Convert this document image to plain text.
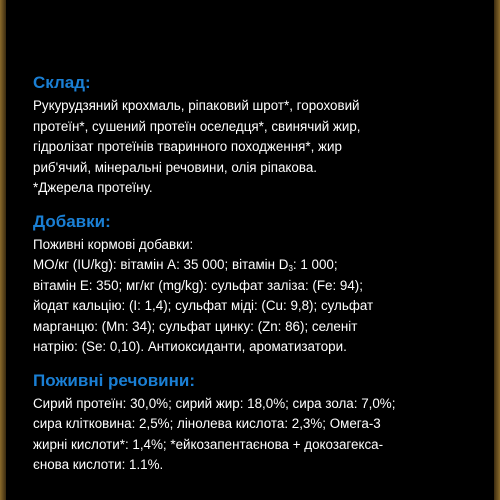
Склад:
Рукурудзяний крохмаль, ріпаковий шрот*, гороховий
протеїн*, сушений протеїн оселедця*, свинячий жир,
гідролізат протеїнів тваринного походження*, жир
риб'ячий, мінеральні речовини, олія ріпакова.
*Джерела протеїну.
Добавки:
Поживні кормові добавки:
МО/кг (IU/kg): вітамін А: 35 000; вітамін $D_3$: 1 000;
вітамін Е: 350; мг/кг (mg/kg): сульфат заліза: (Fe: 94);
йодат кальцію: (I: 1,4); сульфат міді: (Cu: 9,8); сульфат
марганцю: (Mn: 34); сульфат цинку: (Zn: 86); селеніт
натрію: (Se: 0,10). Антиоксиданти, ароматизатори.
Поживні речовини:
Сирий протеїн: 30,0%; сирий жир: 18,0%; сира зола: 7,0%;
сира клітковина: 2,5%; лінолева кислота: 2,3%; Омега-3
жирні кислоти*: 1,4%; *ейкозапентаєнова + докозагекса-
єнова кислоти: 1.1%.
